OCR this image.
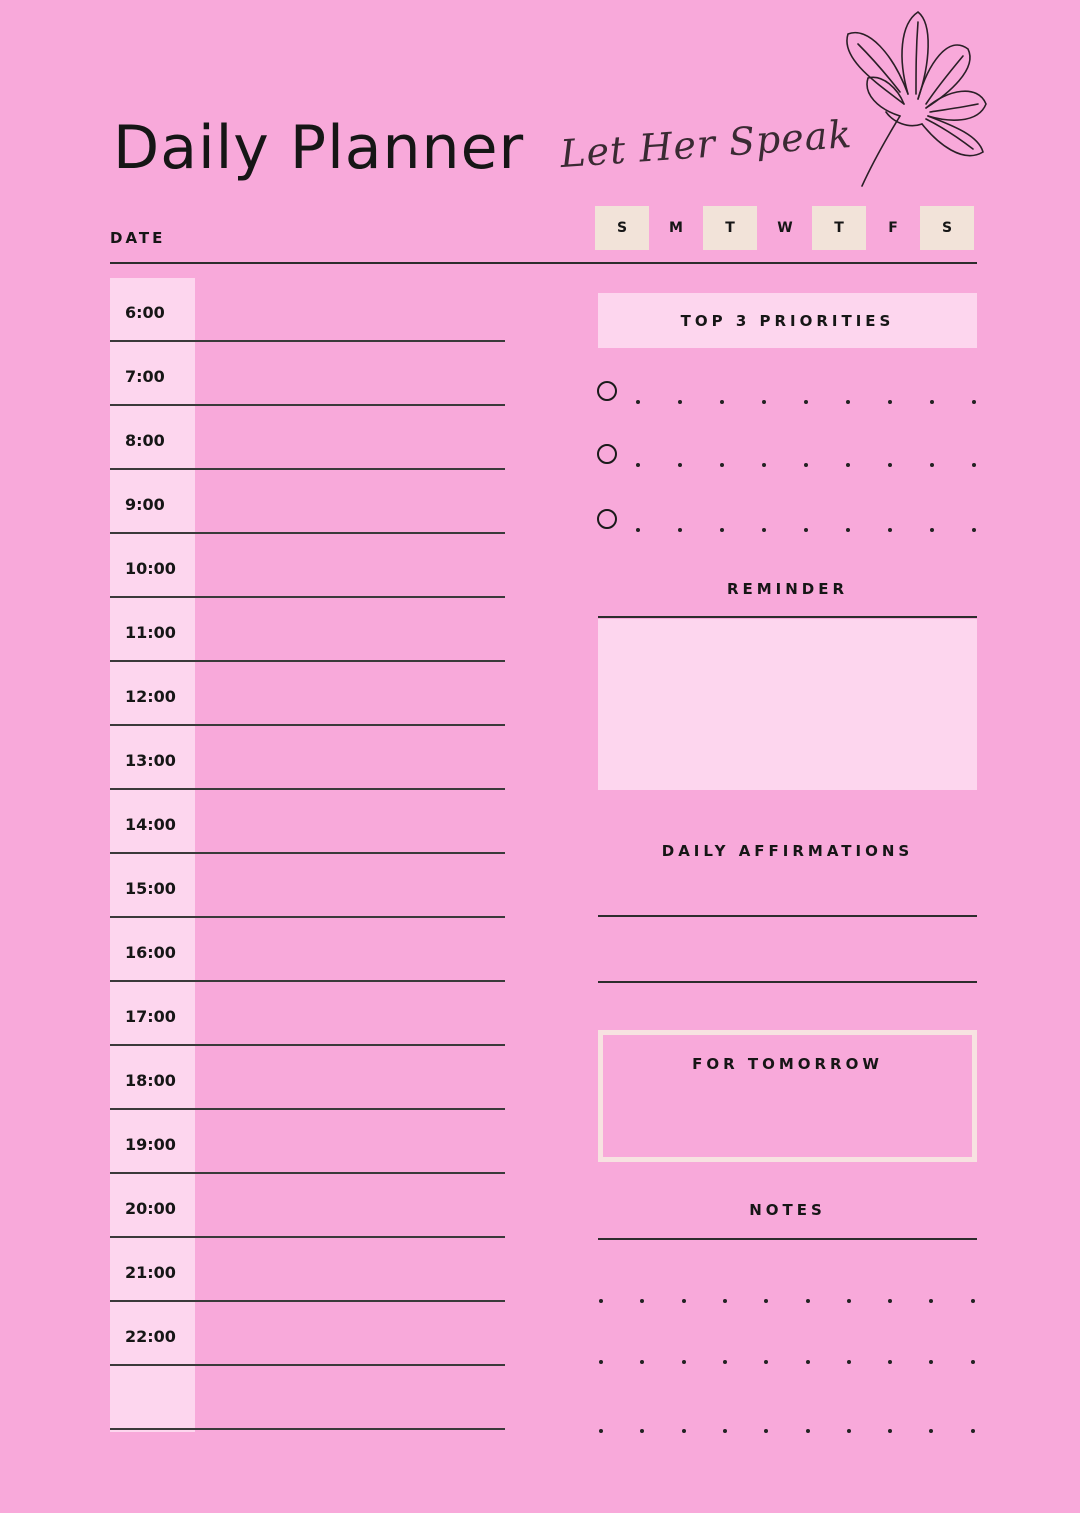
Daily Planner Let Her Speak
DATE
S	M	T	W	T	F	S
6:00
7:00
8:00
9:00
10:00
11:00
12:00
13:00
14:00
15:00
16:00
17:00
18:00
19:00
20:00
21:00
22:00
TOP 3 PRIORITIES
REMINDER
DAILY AFFIRMATIONS
FOR TOMORROW
NOTES
